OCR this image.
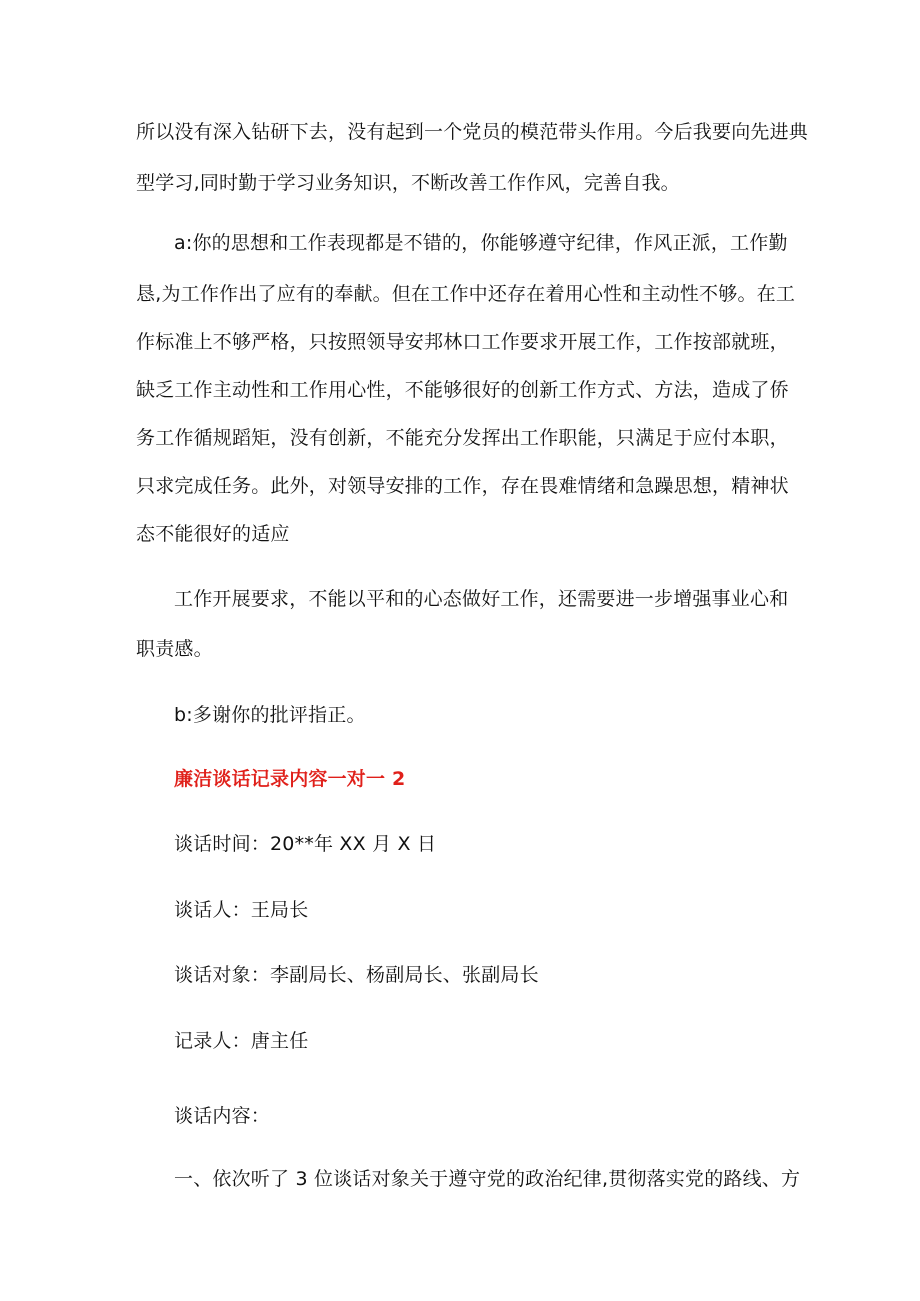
所以没有深入钻研下去，没有起到一个党员的模范带头作用。今后我要向先进典
型学习,同时勤于学习业务知识，不断改善工作作风，完善自我。
a:你的思想和工作表现都是不错的，你能够遵守纪律，作风正派，工作勤
恳,为工作作出了应有的奉献。但在工作中还存在着用心性和主动性不够。在工
作标准上不够严格，只按照领导安邦林口工作要求开展工作，工作按部就班，
缺乏工作主动性和工作用心性，不能够很好的创新工作方式、方法，造成了侨
务工作循规蹈矩，没有创新，不能充分发挥出工作职能，只满足于应付本职，
只求完成任务。此外，对领导安排的工作，存在畏难情绪和急躁思想，精神状
态不能很好的适应
工作开展要求，不能以平和的心态做好工作，还需要进一步增强事业心和
职责感。
b:多谢你的批评指正。
廉洁谈话记录内容一对一 2
谈话时间：20**年 XX 月 X 日
谈话人：王局长
谈话对象：李副局长、杨副局长、张副局长
记录人：唐主任
谈话内容：
一、依次听了 3 位谈话对象关于遵守党的政治纪律,贯彻落实党的路线、方
